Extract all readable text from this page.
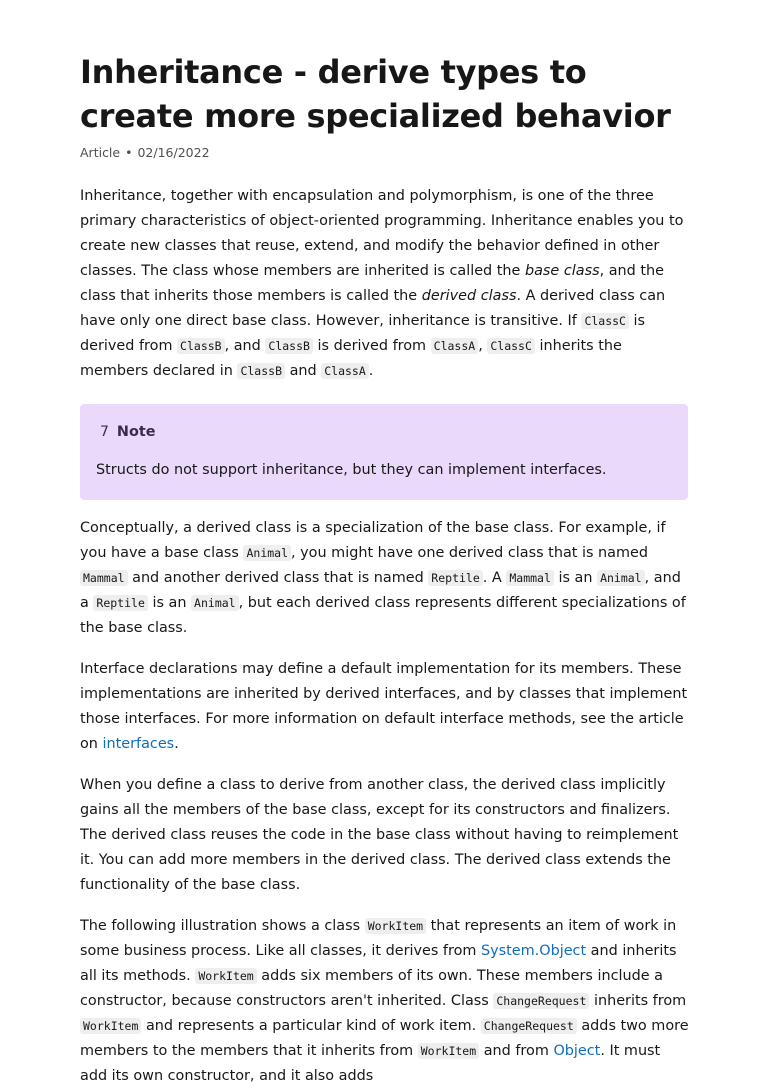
Inheritance - derive types to create more specialized behavior
Article • 02/16/2022

Inheritance, together with encapsulation and polymorphism, is one of the three primary characteristics of object-oriented programming. Inheritance enables you to create new classes that reuse, extend, and modify the behavior defined in other classes. The class whose members are inherited is called the base class, and the class that inherits those members is called the derived class. A derived class can have only one direct base class. However, inheritance is transitive. If ClassC is derived from ClassB , and ClassB is derived from ClassA , ClassC inherits the members declared in ClassB and ClassA .

7 Note
Structs do not support inheritance, but they can implement interfaces.

Conceptually, a derived class is a specialization of the base class. For example, if you have a base class Animal , you might have one derived class that is named Mammal and another derived class that is named Reptile . A Mammal is an Animal , and a Reptile is an Animal , but each derived class represents different specializations of the base class.

Interface declarations may define a default implementation for its members. These implementations are inherited by derived interfaces, and by classes that implement those interfaces. For more information on default interface methods, see the article on interfaces.

When you define a class to derive from another class, the derived class implicitly gains all the members of the base class, except for its constructors and finalizers. The derived class reuses the code in the base class without having to reimplement it. You can add more members in the derived class. The derived class extends the functionality of the base class.

The following illustration shows a class WorkItem that represents an item of work in some business process. Like all classes, it derives from System.Object and inherits all its methods. WorkItem adds six members of its own. These members include a constructor, because constructors aren't inherited. Class ChangeRequest inherits from WorkItem and represents a particular kind of work item. ChangeRequest adds two more members to the members that it inherits from WorkItem and from Object. It must add its own constructor, and it also adds
